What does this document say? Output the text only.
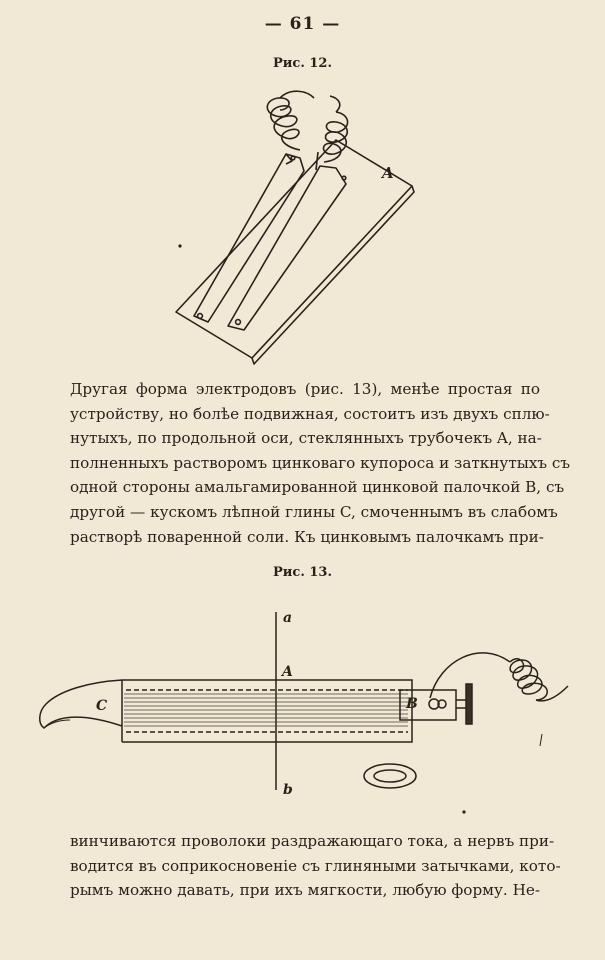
— 61 —
Рис. 12.
A
Другая форма электродовъ (рис. 13), менѣе простая по
устройству, но болѣе подвижная, состоитъ изъ двухъ сплю-
нутыхъ, по продольной оси, стеклянныхъ трубочекъ A, на-
полненныхъ растворомъ цинковаго купороса и заткнутыхъ съ
одной стороны амальгамированной цинковой палочкой B, съ
другой — кускомъ лѣпной глины C, смоченнымъ въ слабомъ
растворѣ поваренной соли. Къ цинковымъ палочкамъ при-
Рис. 13.
a
b
A
B
C
винчиваются проволоки раздражающаго тока, а нервъ при-
водится въ соприкосновеніе съ глиняными затычками, кото-
рымъ можно давать, при ихъ мягкости, любую форму. Не-
